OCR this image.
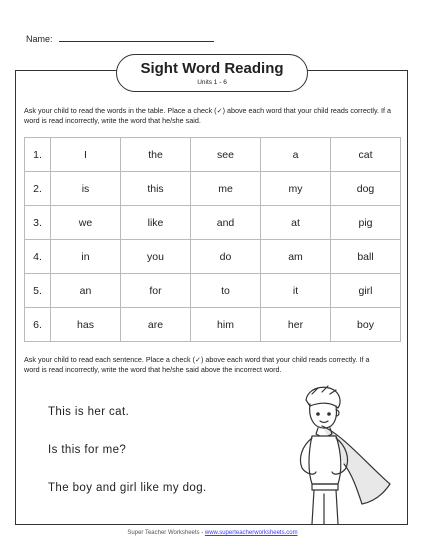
Name:
Sight Word Reading
Units 1 - 6
Ask your child to read the words in the table. Place a check (✓) above each word that your child reads correctly. If a word is read incorrectly, write the word that he/she said.
1.	I	the	see	a	cat
2.	is	this	me	my	dog
3.	we	like	and	at	pig
4.	in	you	do	am	ball
5.	an	for	to	it	girl
6.	has	are	him	her	boy
Ask your child to read each sentence. Place a check (✓) above each word that your child reads correctly. If a word is read incorrectly, write the word that he/she said above the incorrect word.
This is her cat.
Is this for me?
The boy and girl like my dog.
Super Teacher Worksheets - www.superteacherworksheets.com
